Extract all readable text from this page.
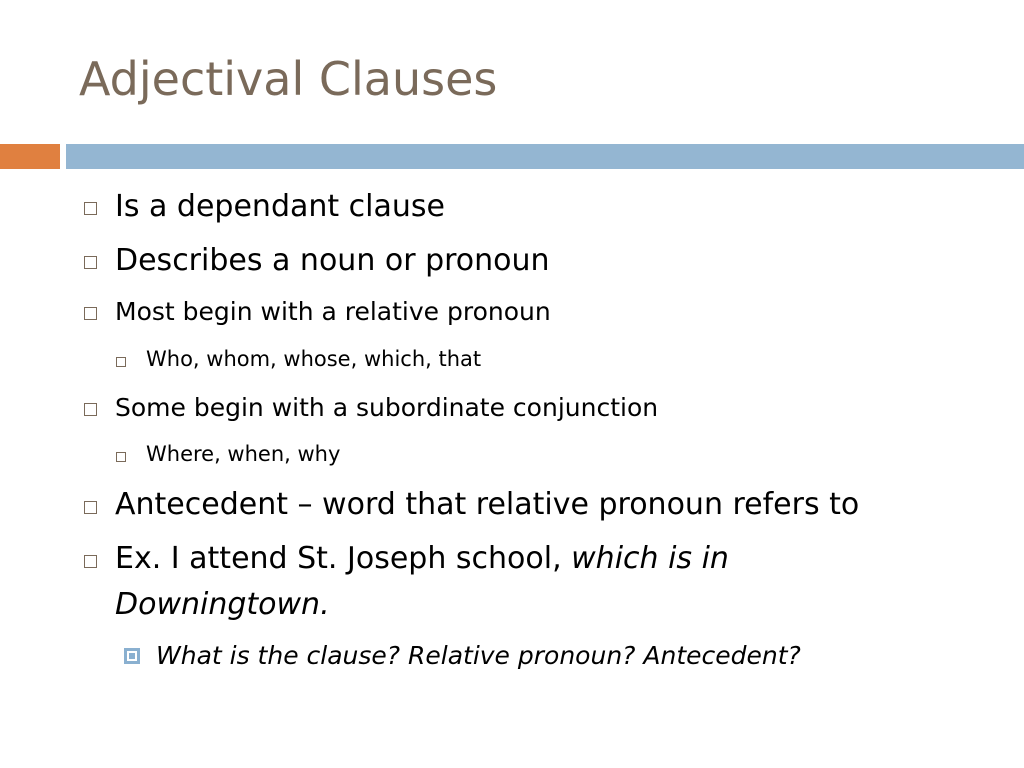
Adjectival Clauses
Is a dependant clause
Describes a noun or pronoun
Most begin with a relative pronoun
Who, whom, whose, which, that
Some begin with a subordinate conjunction
Where, when, why
Antecedent – word that relative pronoun refers to
Ex. I attend St. Joseph school, which is in
Downingtown.
What is the clause? Relative pronoun? Antecedent?
